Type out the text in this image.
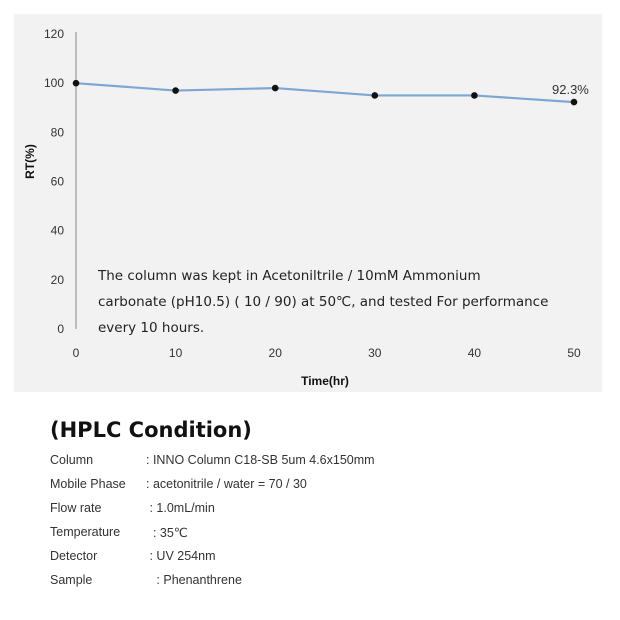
0
20
40
60
80
100
120
0	10	20	30	40	50
Time(hr)
RT(%)
92.3%
The column was kept in Acetoniltrile / 10mM Ammonium
carbonate (pH10.5) ( 10 / 90) at 50℃, and tested For performance
every 10 hours.
(HPLC Condition)
Column	: INNO Column C18-SB 5um 4.6x150mm
Mobile Phase	: acetonitrile / water = 70 / 30
Flow rate	: 1.0mL/min
Temperature	: 35℃
Detector	: UV 254nm
Sample	: Phenanthrene
